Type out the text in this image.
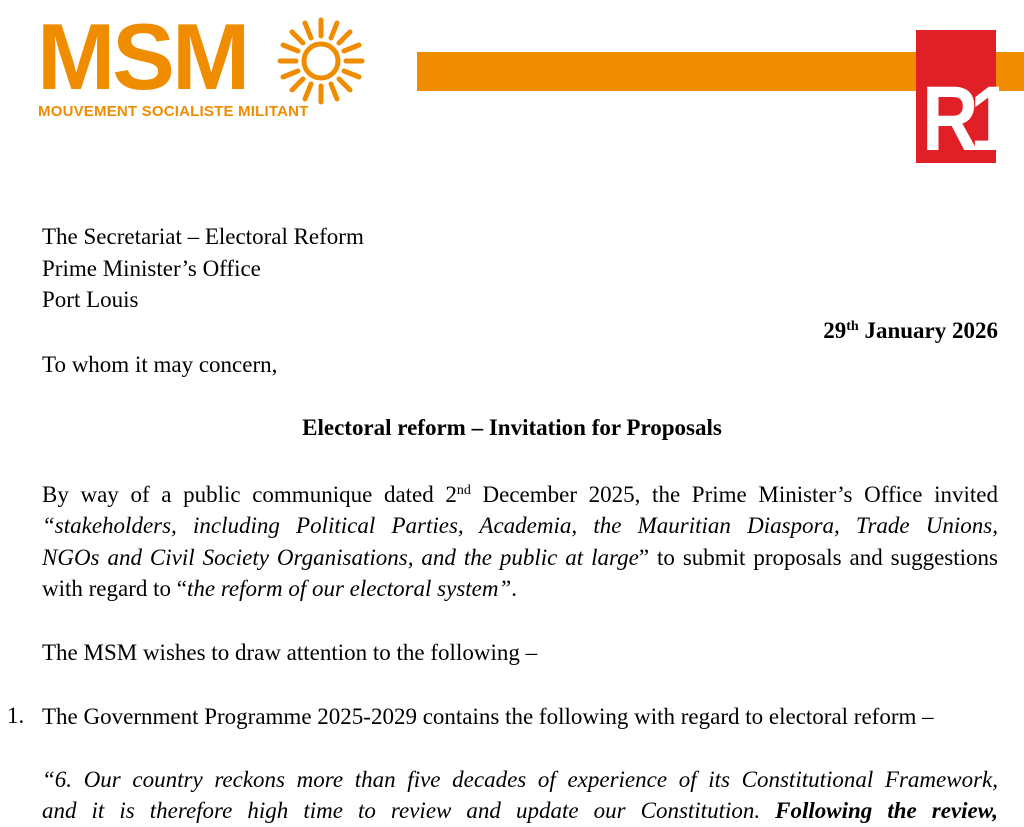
MSM
MOUVEMENT SOCIALISTE MILITANT	R1
The Secretariat – Electoral Reform
Prime Minister’s Office
Port Louis
29th January 2026
To whom it may concern,
Electoral reform – Invitation for Proposals
By way of a public communique dated 2nd December 2025, the Prime Minister’s Office invited
“stakeholders, including Political Parties, Academia, the Mauritian Diaspora, Trade Unions,
NGOs and Civil Society Organisations, and the public at large” to submit proposals and suggestions
with regard to “the reform of our electoral system”.
The MSM wishes to draw attention to the following –
1. The Government Programme 2025-2029 contains the following with regard to electoral reform –
“6. Our country reckons more than five decades of experience of its Constitutional Framework,
and it is therefore high time to review and update our Constitution. Following the review,
